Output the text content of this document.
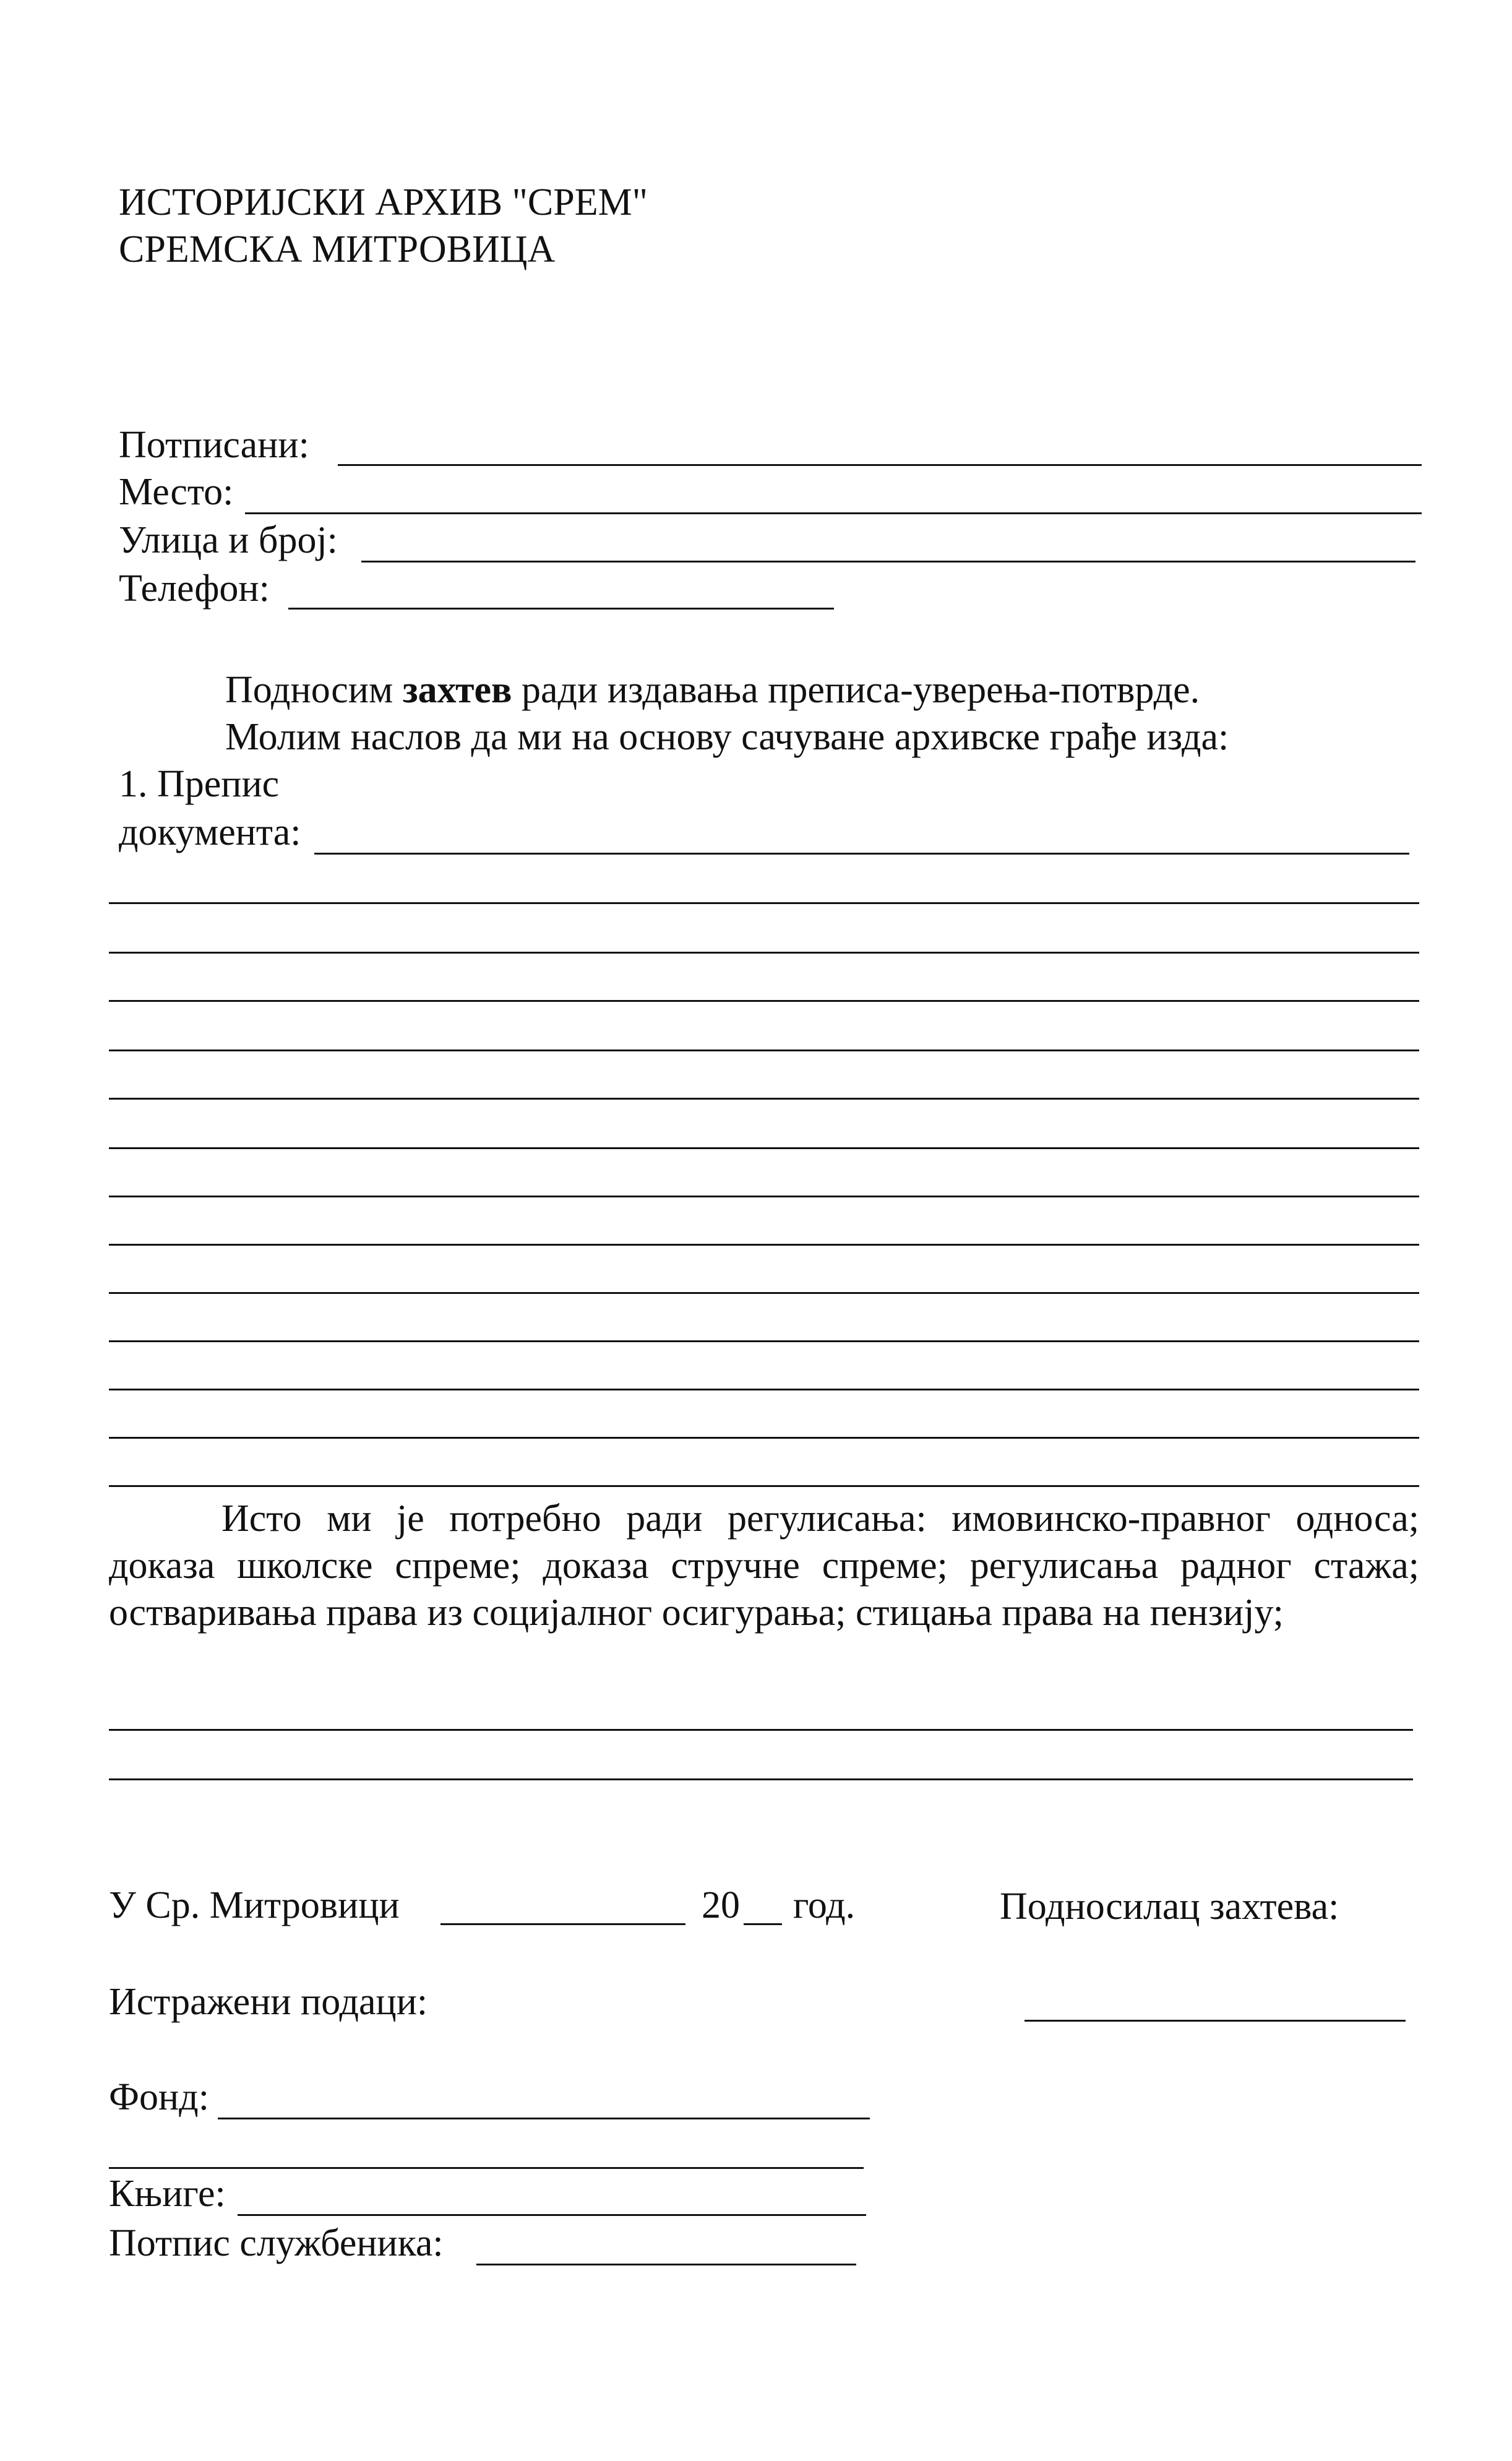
ИСТОРИЈСКИ АРХИВ "СРЕМ"
СРЕМСКА МИТРОВИЦА
Потписани:
Место:
Улица и број:
Телефон:
Подносим захтев ради издавања преписа-уверења-потврде.
Молим наслов да ми на основу сачуване архивске грађе изда:
1. Препис
документа:
Исто ми је потребно ради регулисања: имовинско-правног односа; доказа школске спреме; доказа стручне спреме; регулисања радног стажа; остваривања права из социјалног осигурања; стицања права на пензију;
У Ср. Митровици	20 год.	Подносилац захтева:
Истражени подаци:
Фонд:
Књиге:
Потпис службеника:
